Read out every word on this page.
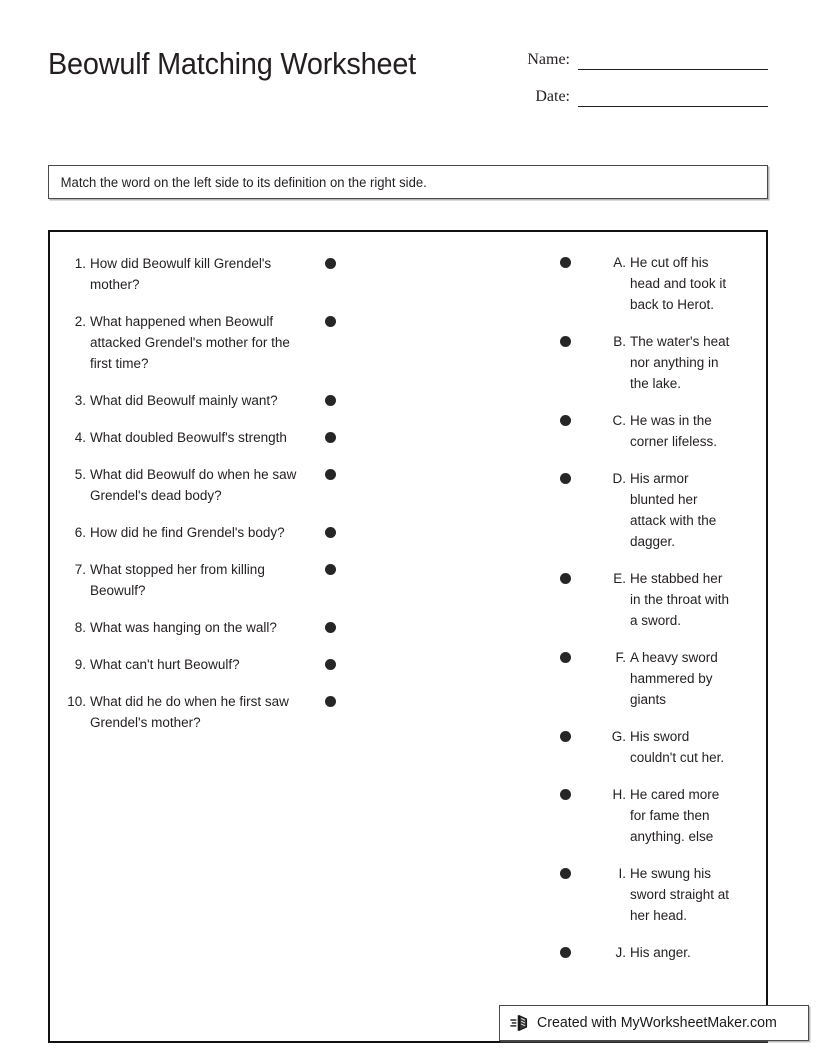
Beowulf Matching Worksheet	Name:
Date:
Match the word on the left side to its definition on the right side.
1. How did Beowulf kill Grendel's mother?
2. What happened when Beowulf attacked Grendel's mother for the first time?
3. What did Beowulf mainly want?
4. What doubled Beowulf's strength
5. What did Beowulf do when he saw Grendel's dead body?
6. How did he find Grendel's body?
7. What stopped her from killing Beowulf?
8. What was hanging on the wall?
9. What can't hurt Beowulf?
10. What did he do when he first saw Grendel's mother?
A. He cut off his head and took it back to Herot.
B. The water's heat nor anything in the lake.
C. He was in the corner lifeless.
D. His armor blunted her attack with the dagger.
E. He stabbed her in the throat with a sword.
F. A heavy sword hammered by giants
G. His sword couldn't cut her.
H. He cared more for fame then anything. else
I. He swung his sword straight at her head.
J. His anger.
Created with MyWorksheetMaker.com
